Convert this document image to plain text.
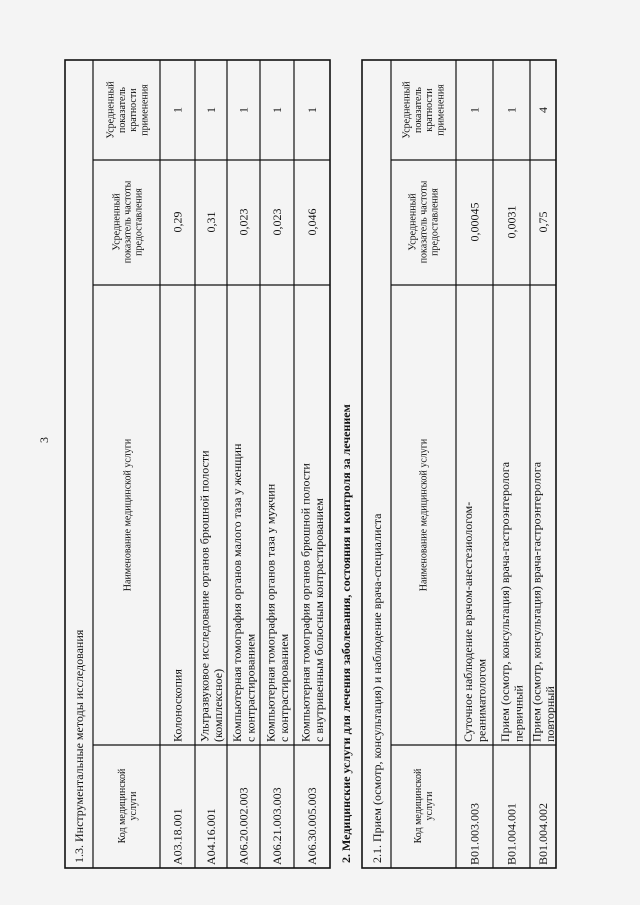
3
1.3. Инструментальные методы исследования	Код медицинскойуслуги
Наименование медицинской услуги
Усредненныйпоказатель частотыпредоставления
Усредненныйпоказателькратностиприменения
A03.18.001
Колоноскопия
0,29
1
A04.16.001
Ультразвуковое исследование органов брюшной полости(комплексное)
0,31
1
A06.20.002.003
Компьютерная томография органов малого таза у женщинс контрастированием
0,023
1
A06.21.003.003
Компьютерная томография органов таза у мужчинс контрастированием
0,023
1
A06.30.005.003
Компьютерная томография органов брюшной полостис внутривенным болюсным контрастированием
0,046
1
2. Медицинские услуги для лечения заболевания, состояния и контроля за лечением 2.1. Прием (осмотр, консультация) и наблюдение врача-специалиста	Код медицинскойуслуги
Наименование медицинской услуги
Усредненныйпоказатель частотыпредоставления
Усредненныйпоказателькратностиприменения
B01.003.003
Суточное наблюдение врачом-анестезиологом-реаниматологом
0,00045
1
B01.004.001
Прием (осмотр, консультация) врача-гастроэнтерологапервичный
0,0031
1
B01.004.002
Прием (осмотр, консультация) врача-гастроэнтерологаповторный
0,75
4
